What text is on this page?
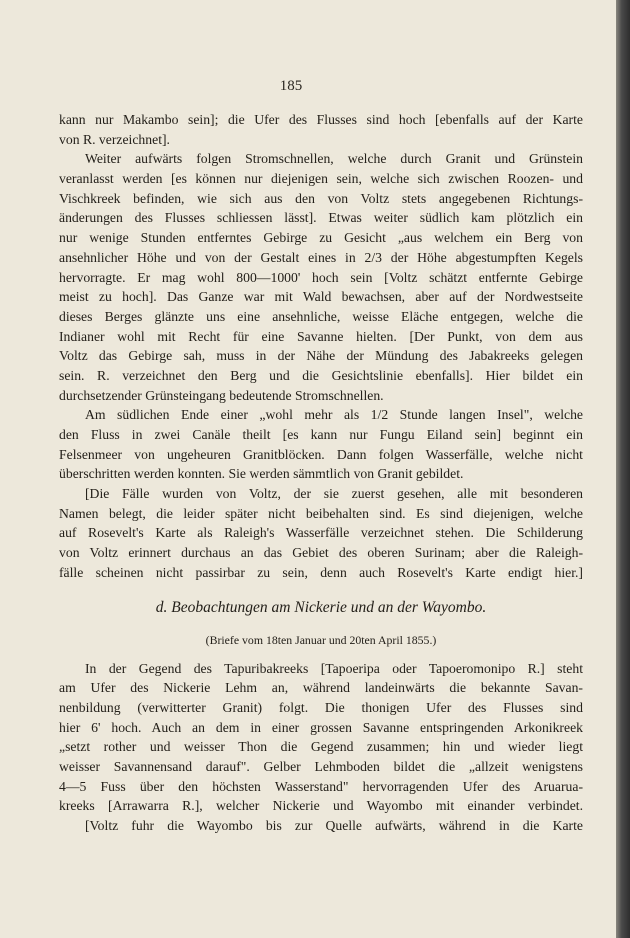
185
kann nur Makambo sein]; die Ufer des Flusses sind hoch [ebenfalls auf der Karte
von R. verzeichnet].
Weiter aufwärts folgen Stromschnellen, welche durch Granit und Grünstein
veranlasst werden [es können nur diejenigen sein, welche sich zwischen Roozen- und
Vischkreek befinden, wie sich aus den von Voltz stets angegebenen Richtungs-
änderungen des Flusses schliessen lässt]. Etwas weiter südlich kam plötzlich ein
nur wenige Stunden entferntes Gebirge zu Gesicht „aus welchem ein Berg von
ansehnlicher Höhe und von der Gestalt eines in 2/3 der Höhe abgestumpften Kegels
hervorragte. Er mag wohl 800—1000' hoch sein [Voltz schätzt entfernte Gebirge
meist zu hoch]. Das Ganze war mit Wald bewachsen, aber auf der Nordwestseite
dieses Berges glänzte uns eine ansehnliche, weisse Eläche entgegen, welche die
Indianer wohl mit Recht für eine Savanne hielten. [Der Punkt, von dem aus
Voltz das Gebirge sah, muss in der Nähe der Mündung des Jabakreeks gelegen
sein. R. verzeichnet den Berg und die Gesichtslinie ebenfalls]. Hier bildet ein
durchsetzender Grünsteingang bedeutende Stromschnellen.
Am südlichen Ende einer „wohl mehr als 1/2 Stunde langen Insel", welche
den Fluss in zwei Canäle theilt [es kann nur Fungu Eiland sein] beginnt ein
Felsenmeer von ungeheuren Granitblöcken. Dann folgen Wasserfälle, welche nicht
überschritten werden konnten. Sie werden sämmtlich von Granit gebildet.
[Die Fälle wurden von Voltz, der sie zuerst gesehen, alle mit besonderen
Namen belegt, die leider später nicht beibehalten sind. Es sind diejenigen, welche
auf Rosevelt's Karte als Raleigh's Wasserfälle verzeichnet stehen. Die Schilderung
von Voltz erinnert durchaus an das Gebiet des oberen Surinam; aber die Raleigh-
fälle scheinen nicht passirbar zu sein, denn auch Rosevelt's Karte endigt hier.]
d. Beobachtungen am Nickerie und an der Wayombo.
(Briefe vom 18ten Januar und 20ten April 1855.)
In der Gegend des Tapuribakreeks [Tapoeripa oder Tapoeromonipo R.] steht
am Ufer des Nickerie Lehm an, während landeinwärts die bekannte Savan-
nenbildung (verwitterter Granit) folgt. Die thonigen Ufer des Flusses sind
hier 6' hoch. Auch an dem in einer grossen Savanne entspringenden Arkonikreek
„setzt rother und weisser Thon die Gegend zusammen; hin und wieder liegt
weisser Savannensand darauf". Gelber Lehmboden bildet die „allzeit wenigstens
4—5 Fuss über den höchsten Wasserstand" hervorragenden Ufer des Aruarua-
kreeks [Arrawarra R.], welcher Nickerie und Wayombo mit einander verbindet.
[Voltz fuhr die Wayombo bis zur Quelle aufwärts, während in die Karte
